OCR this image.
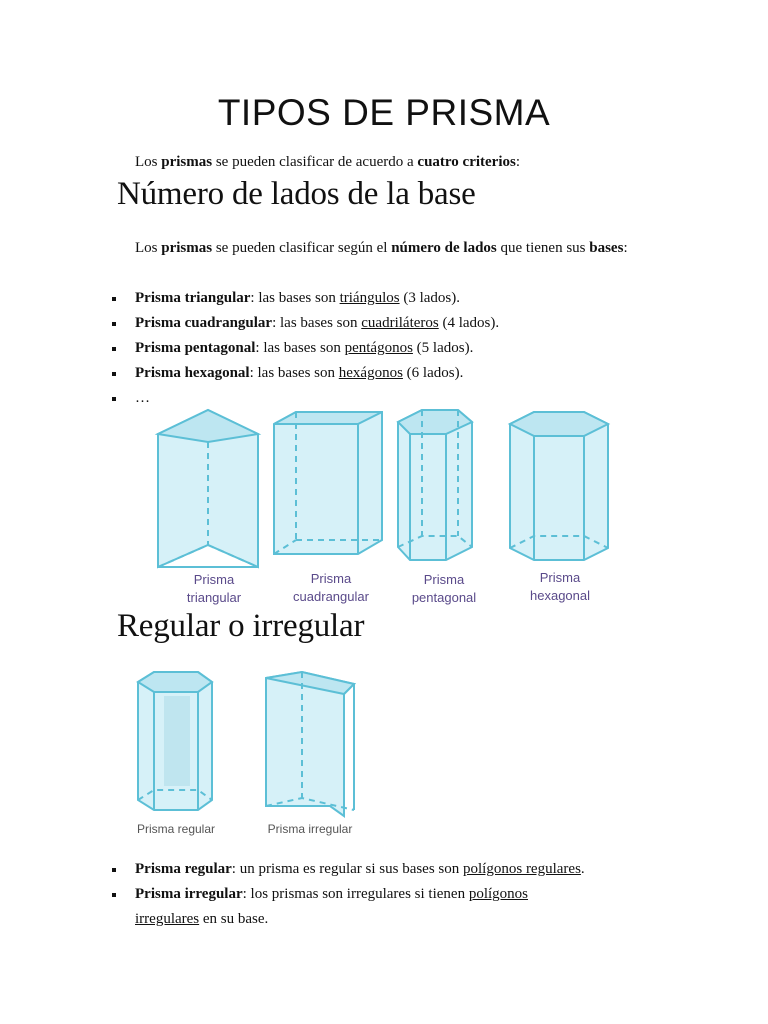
TIPOS DE PRISMA
Los prismas se pueden clasificar de acuerdo a cuatro criterios:
Número de lados de la base
Los prismas se pueden clasificar según el número de lados que tienen sus bases:
Prisma triangular: las bases son triángulos (3 lados).
Prisma cuadrangular: las bases son cuadriláteros (4 lados).
Prisma pentagonal: las bases son pentágonos (5 lados).
Prisma hexagonal: las bases son hexágonos (6 lados).
…
Prisma
triangular
Prisma
cuadrangular
Prisma
pentagonal
Prisma
hexagonal
Regular o irregular
Prisma regular	Prisma irregular
Prisma regular: un prisma es regular si sus bases son polígonos regulares.
Prisma irregular: los prismas son irregulares si tienen polígonos irregulares en su base.
